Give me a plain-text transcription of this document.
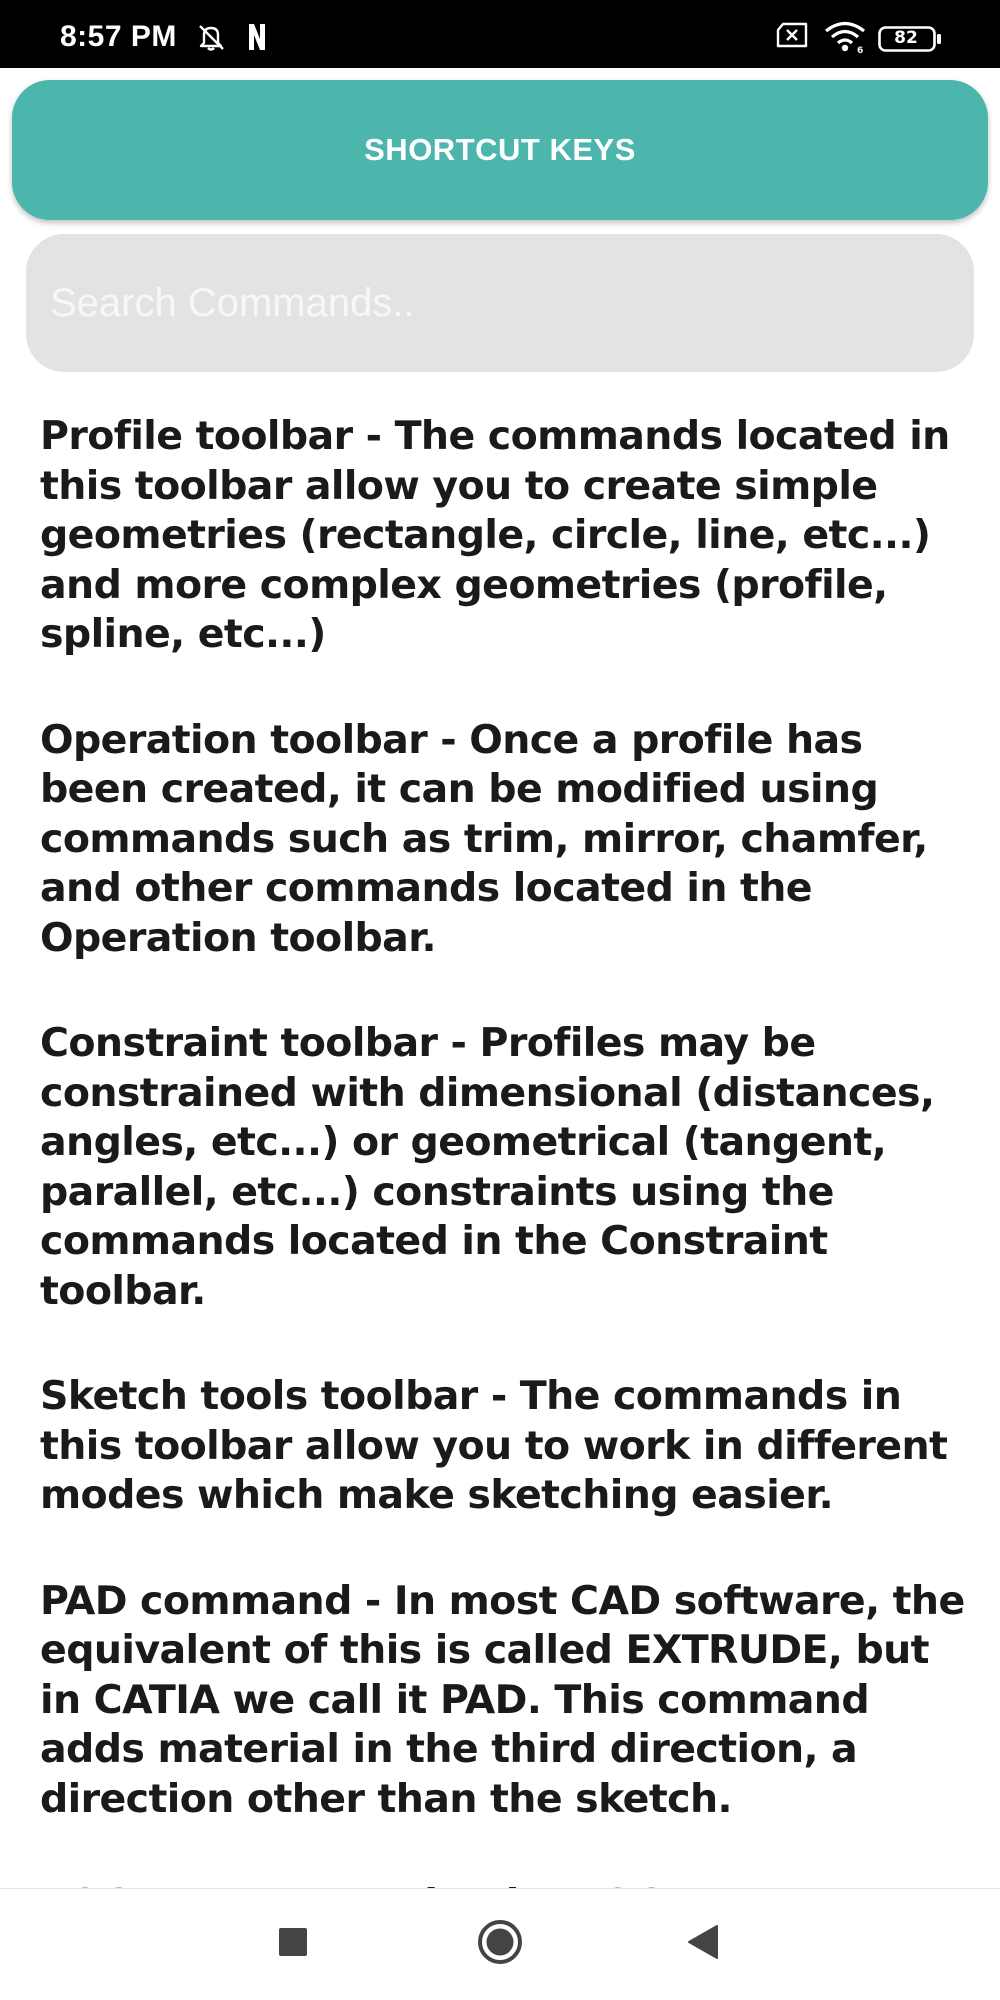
8:57 PM	6
82
SHORTCUT KEYS
Search Commands..

Profile toolbar - The commands located in this toolbar allow you to create simple geometries (rectangle, circle, line, etc...) and more complex geometries (profile, spline, etc...)

Operation toolbar - Once a profile has been created, it can be modified using commands such as trim, mirror, chamfer, and other commands located in the Operation toolbar.

Constraint toolbar - Profiles may be constrained with dimensional (distances, angles, etc...) or geometrical (tangent, parallel, etc...) constraints using the commands located in the Constraint toolbar.

Sketch tools toolbar - The commands in this toolbar allow you to work in different modes which make sketching easier.

PAD command - In most CAD software, the equivalent of this is called EXTRUDE, but in CATIA we call it PAD. This command adds material in the third direction, a direction other than the sketch.
